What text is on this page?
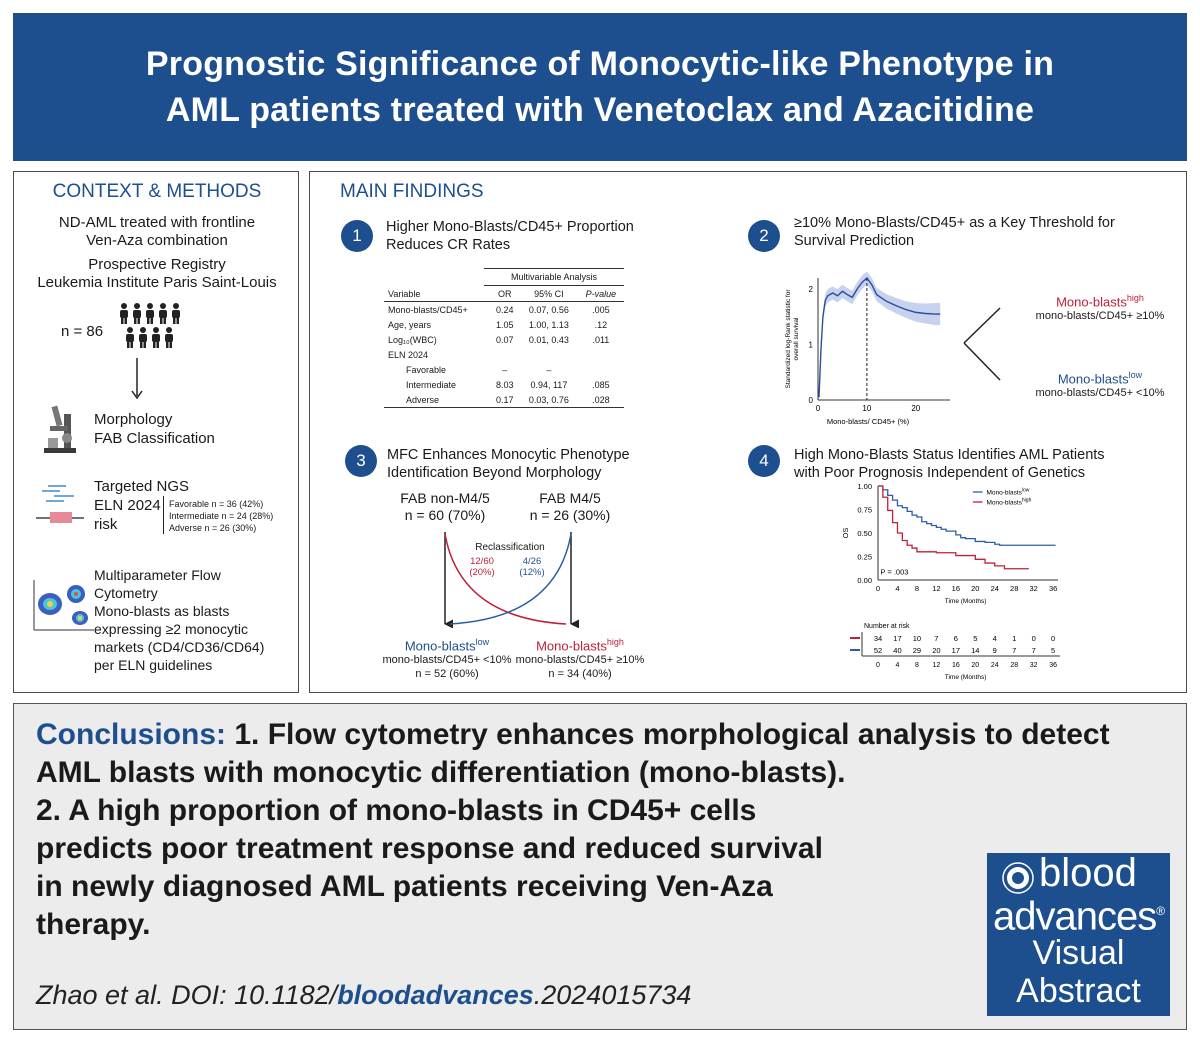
Prognostic Significance of Monocytic-like Phenotype in
AML patients treated with Venetoclax and Azacitidine
CONTEXT & METHODS
ND-AML treated with frontline
Ven-Aza combination
Prospective Registry
Leukemia Institute Paris Saint-Louis
n = 86
Morphology
FAB Classification
Targeted NGS
ELN 2024
risk
Favorable n = 36 (42%)
Intermediate n = 24 (28%)
Adverse n = 26 (30%)
Multiparameter Flow
Cytometry
Mono-blasts as blasts
expressing ≥2 monocytic
markets (CD4/CD36/CD64)
per ELN guidelines
MAIN FINDINGS
1	Higher Mono-Blasts/CD45+ Proportion
Reduces CR Rates
Multivariable Analysis
Variable	OR	95% CI	P-value
Mono-blasts/CD45+	0.24	0.07, 0.56	.005
Age, years	1.05	1.00, 1.13	.12
Log₁₀(WBC)	0.07	0.01, 0.43	.011
ELN 2024			
Favorable	–	–	
Intermediate	8.03	0.94, 117	.085
Adverse	0.17	0.03, 0.76	.028
2
≥10% Mono-Blasts/CD45+ as a Key Threshold for
Survival Prediction
0
1
2
0	10	20
Mono-blasts/ CD45+ (%)
Standardized log-Rank statistic foroverall survival
Mono-blasts$^{high}$
mono-blasts/CD45+ ≥10%
Mono-blasts$^{low}$
mono-blasts/CD45+ <10%
3	MFC Enhances Monocytic Phenotype
Identification Beyond Morphology
FAB non-M4/5
n = 60 (70%)
FAB M4/5
n = 26 (30%)
Reclassification
12/60
(20%)
4/26
(12%)
Mono-blasts$^{low}$
mono-blasts/CD45+ <10%
n = 52 (60%)
Mono-blasts$^{high}$
mono-blasts/CD45+ ≥10%
n = 34 (40%)
4	High Mono-Blasts Status Identifies AML Patients
with Poor Prognosis Independent of Genetics
0.00
0.25
0.50
0.75
1.00
0 4 8 12 16 20 24 28 32 36
Time (Months)
OS
P = .003
Mono-blasts$^{low}$
Mono-blasts$^{high}$
Number at risk
34 17 10 7 6 5 4 1 0 0
52 40 29 20 17 14 9 7 7 5
0 4 8 12 16 20 24 28 32 36
Time (Months)
Conclusions: 1. Flow cytometry enhances morphological analysis to detect AML blasts with monocytic differentiation (mono-blasts).
2. A high proportion of mono-blasts in CD45+ cells
predicts poor treatment response and reduced survival
in newly diagnosed AML patients receiving Ven-Aza
therapy.
Zhao et al. DOI: 10.1182/bloodadvances.2024015734
blood
advances®
Visual
Abstract
